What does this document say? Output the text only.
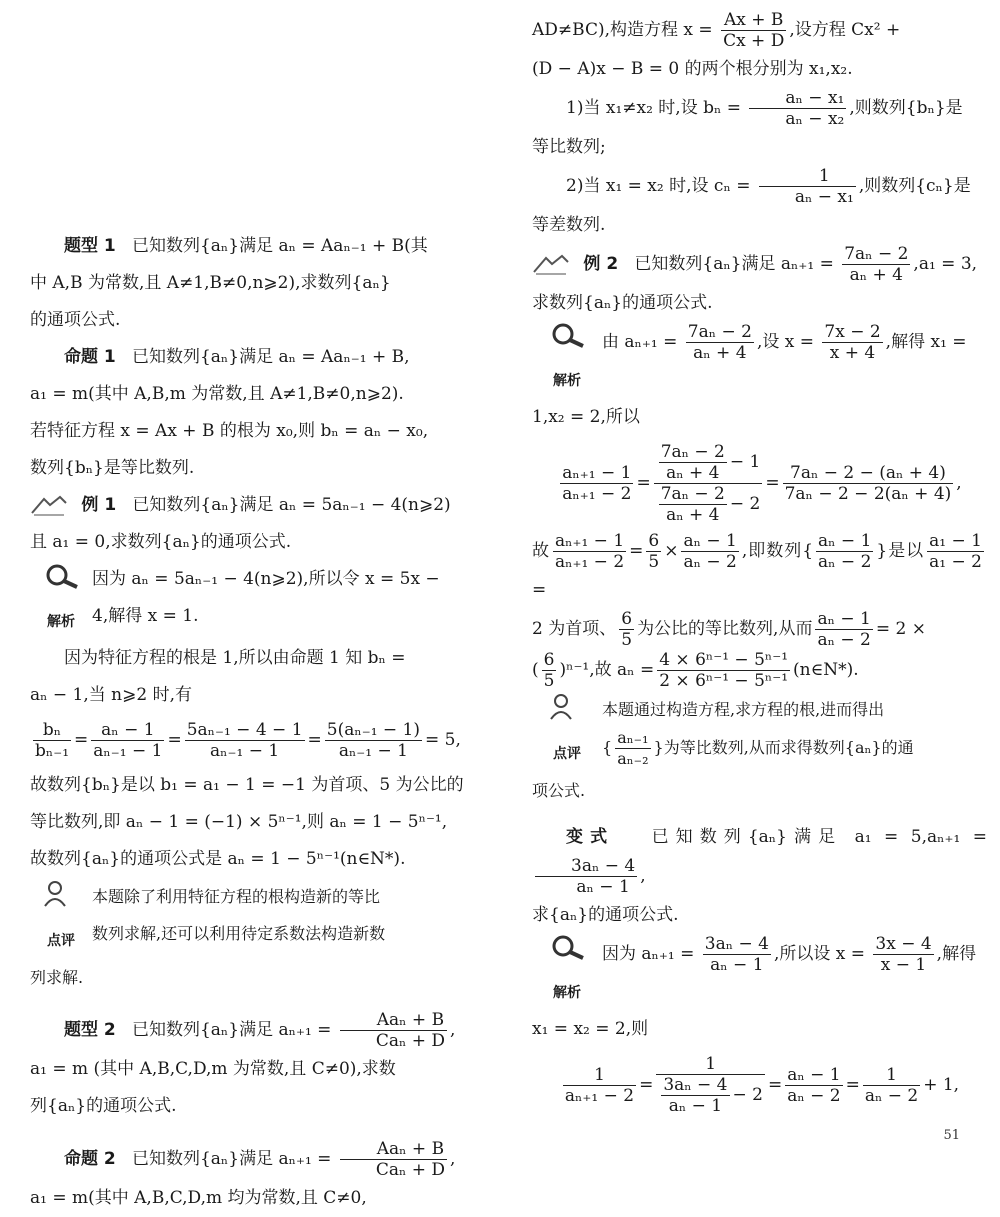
题型 1 已知数列{aₙ}满足 aₙ = Aaₙ₋₁ + B(其
中 A,B 为常数,且 A≠1,B≠0,n⩾2),求数列{aₙ}
的通项公式.

命题 1 已知数列{aₙ}满足 aₙ = Aaₙ₋₁ + B,
a₁ = m(其中 A,B,m 为常数,且 A≠1,B≠0,n⩾2).
若特征方程 x = Ax + B 的根为 x₀,则 bₙ = aₙ − x₀,
数列{bₙ}是等比数列.

例 1 已知数列{aₙ}满足 aₙ = 5aₙ₋₁ − 4(n⩾2)
且 a₁ = 0,求数列{aₙ}的通项公式.

解析
因为 aₙ = 5aₙ₋₁ − 4(n⩾2),所以令 x = 5x −
4,解得 x = 1.

因为特征方程的根是 1,所以由命题 1 知 bₙ =
aₙ − 1,当 n⩾2 时,有

$\frac{\text{bₙ}}{\text{bₙ₋₁}} = \frac{\text{aₙ − 1}}{\text{aₙ₋₁ − 1}} = \frac{\text{5aₙ₋₁ − 4 − 1}}{\text{aₙ₋₁ − 1}} = \frac{\text{5(aₙ₋₁ − 1)}}{\text{aₙ₋₁ − 1}} = 5$,

故数列{bₙ}是以 b₁ = a₁ − 1 = −1 为首项、5 为公比的
等比数列,即 aₙ − 1 = (−1) × 5ⁿ⁻¹,则 aₙ = 1 − 5ⁿ⁻¹,
故数列{aₙ}的通项公式是 aₙ = 1 − 5ⁿ⁻¹(n∈N*).

点评
本题除了利用特征方程的根构造新的等比
数列求解,还可以利用待定系数法构造新数

列求解.

题型 2 已知数列{aₙ}满足 $a_{n+1} = \frac{\text{Aaₙ + B}}{\text{Caₙ + D}}$ ,
a₁ = m (其中 A,B,C,D,m 为常数,且 C≠0),求数
列{aₙ}的通项公式.

命题 2 已知数列{aₙ}满足 $a_{n+1} = \frac{\text{Aaₙ + B}}{\text{Caₙ + D}}$ ,
a₁ = m(其中 A,B,C,D,m 均为常数,且 C≠0,

AD≠BC),构造方程 $x = \frac{Ax + B}{Cx + D}$ ,设方程 Cx² +
(D − A)x − B = 0 的两个根分别为 x₁,x₂.

1)当 x₁≠x₂ 时,设 $b_n = \frac{\text{aₙ − x₁}}{\text{aₙ − x₂}}$ ,则数列{bₙ}是

等比数列;

2)当 x₁ = x₂ 时,设 $c_n = \frac{1}{\text{aₙ − x₁}}$ ,则数列{cₙ}是

等差数列.

例 2 已知数列{aₙ}满足 $a_{n+1} = \frac{\text{7aₙ − 2}}{\text{aₙ + 4}} ,a_1 = 3$,
求数列{aₙ}的通项公式.

解析
由 $a_{n+1} = \frac{\text{7aₙ − 2}}{\text{aₙ + 4}}$ ,设 $x = \frac{7x - 2}{x + 4}$ ,解得 x₁ =

1,x₂ = 2,所以

$\frac{\text{aₙ₊₁ − 1}}{\text{aₙ₊₁ − 2}} = \frac{\frac{\text{7aₙ − 2}}{\text{aₙ + 4}} - 1}{\frac{\text{7aₙ − 2}}{\text{aₙ + 4}} - 2} = \frac{\text{7aₙ − 2 − (aₙ + 4)}}{\text{7aₙ − 2 − 2(aₙ + 4)}}$ ,

故 $\frac{\text{aₙ₊₁ − 1}}{\text{aₙ₊₁ − 2}} = \frac{6}{5} \times \frac{\text{aₙ − 1}}{\text{aₙ − 2}}$ ,即数列{ $\frac{\text{aₙ − 1}}{\text{aₙ − 2}}$ }是以 $\frac{\text{a₁ − 1}}{\text{a₁ − 2}}$
=
2 为首项、 $\frac{6}{5}$ 为公比的等比数列,从而 $\frac{\text{aₙ − 1}}{\text{aₙ − 2}} = 2$ ×
( $\frac{6}{5} )^{n-1}$,故 $a_n = \frac{\text{4 × 6ⁿ⁻¹ − 5ⁿ⁻¹}}{\text{2 × 6ⁿ⁻¹ − 5ⁿ⁻¹}}$ (n∈N*).

点评
本题通过构造方程,求方程的根,进而得出
{ $\frac{\text{aₙ₋₁}}{\text{aₙ₋₂}}$ }为等比数列,从而求得数列{aₙ}的通

项公式.

变式 已知数列{aₙ}满足 a₁ = 5,aₙ₊₁ =
$\frac{\text{3aₙ − 4}}{\text{aₙ − 1}}$ ,

求{aₙ}的通项公式.

解析
因为 $a_{n+1} = \frac{\text{3aₙ − 4}}{\text{aₙ − 1}}$ ,所以设 $x = \frac{3x - 4}{x - 1}$ ,解得

x₁ = x₂ = 2,则

$\frac{1}{\text{aₙ₊₁ − 2}} = \frac{1}{\frac{\text{3aₙ − 4}}{\text{aₙ − 1}} - 2} = \frac{\text{aₙ − 1}}{\text{aₙ − 2}} = \frac{1}{\text{aₙ − 2}} + 1$,
51
